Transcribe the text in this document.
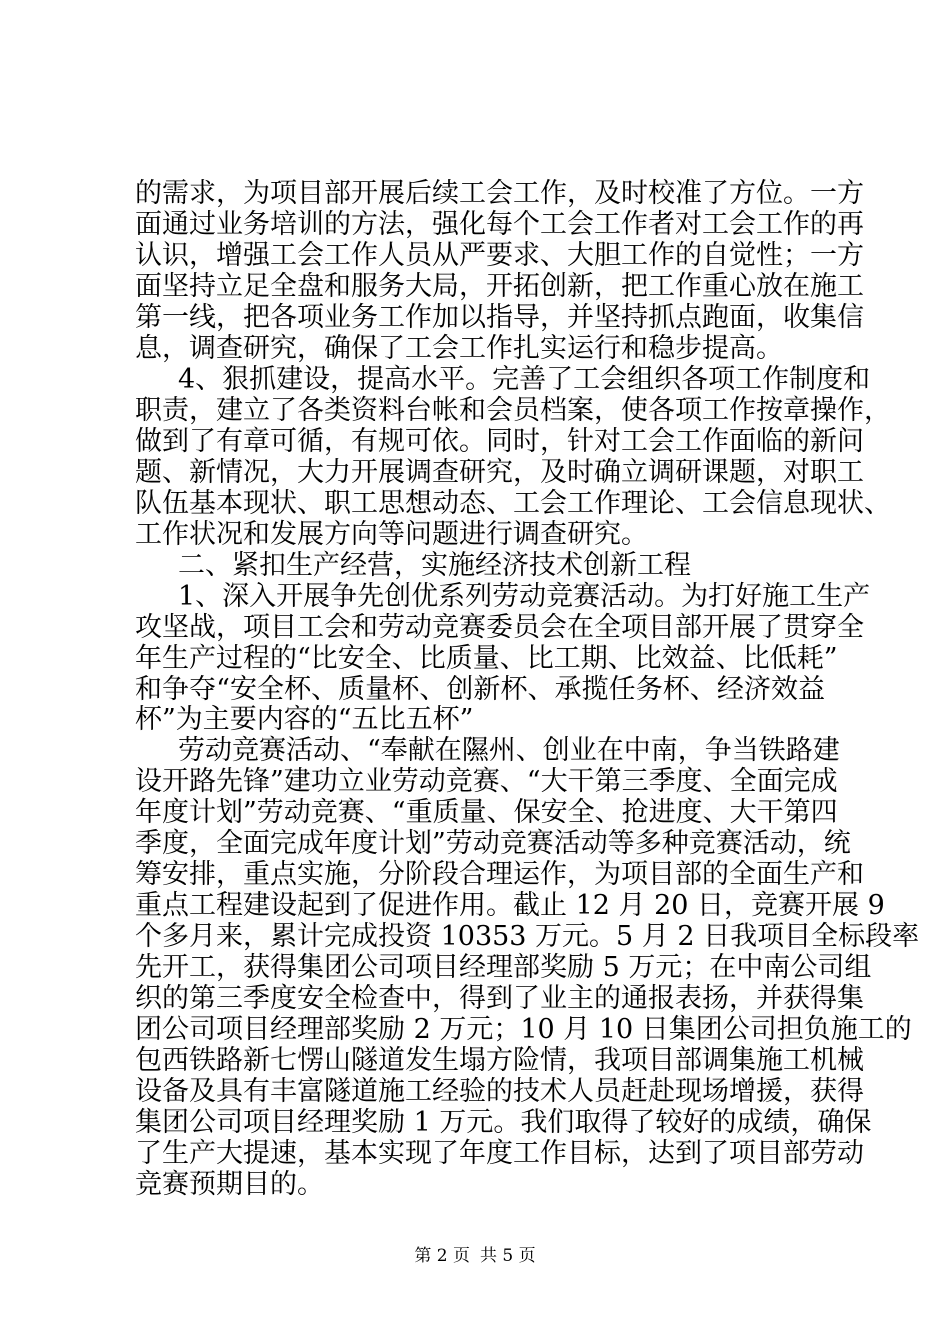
的需求，为项目部开展后续工会工作，及时校准了方位。一方
面通过业务培训的方法，强化每个工会工作者对工会工作的再
认识，增强工会工作人员从严要求、大胆工作的自觉性；一方
面坚持立足全盘和服务大局，开拓创新，把工作重心放在施工
第一线，把各项业务工作加以指导，并坚持抓点跑面，收集信
息，调查研究，确保了工会工作扎实运行和稳步提高。
4、狠抓建设，提高水平。完善了工会组织各项工作制度和
职责，建立了各类资料台帐和会员档案，使各项工作按章操作，
做到了有章可循，有规可依。同时，针对工会工作面临的新问
题、新情况，大力开展调查研究，及时确立调研课题，对职工
队伍基本现状、职工思想动态、工会工作理论、工会信息现状、
工作状况和发展方向等问题进行调查研究。
二、紧扣生产经营，实施经济技术创新工程
1、深入开展争先创优系列劳动竞赛活动。为打好施工生产
攻坚战，项目工会和劳动竞赛委员会在全项目部开展了贯穿全
年生产过程的“比安全、比质量、比工期、比效益、比低耗”
和争夺“安全杯、质量杯、创新杯、承揽任务杯、经济效益
杯”为主要内容的“五比五杯”
劳动竞赛活动、“奉献在隰州、创业在中南，争当铁路建
设开路先锋”建功立业劳动竞赛、“大干第三季度、全面完成
年度计划”劳动竞赛、“重质量、保安全、抢进度、大干第四
季度，全面完成年度计划”劳动竞赛活动等多种竞赛活动，统
筹安排，重点实施，分阶段合理运作，为项目部的全面生产和
重点工程建设起到了促进作用。截止 12 月 20 日，竞赛开展 9
个多月来，累计完成投资 10353 万元。5 月 2 日我项目全标段率
先开工，获得集团公司项目经理部奖励 5 万元；在中南公司组
织的第三季度安全检查中，得到了业主的通报表扬，并获得集
团公司项目经理部奖励 2 万元；10 月 10 日集团公司担负施工的
包西铁路新七愣山隧道发生塌方险情，我项目部调集施工机械
设备及具有丰富隧道施工经验的技术人员赶赴现场增援，获得
集团公司项目经理奖励 1 万元。我们取得了较好的成绩，确保
了生产大提速，基本实现了年度工作目标，达到了项目部劳动
竞赛预期目的。
第 2 页 共 5 页
